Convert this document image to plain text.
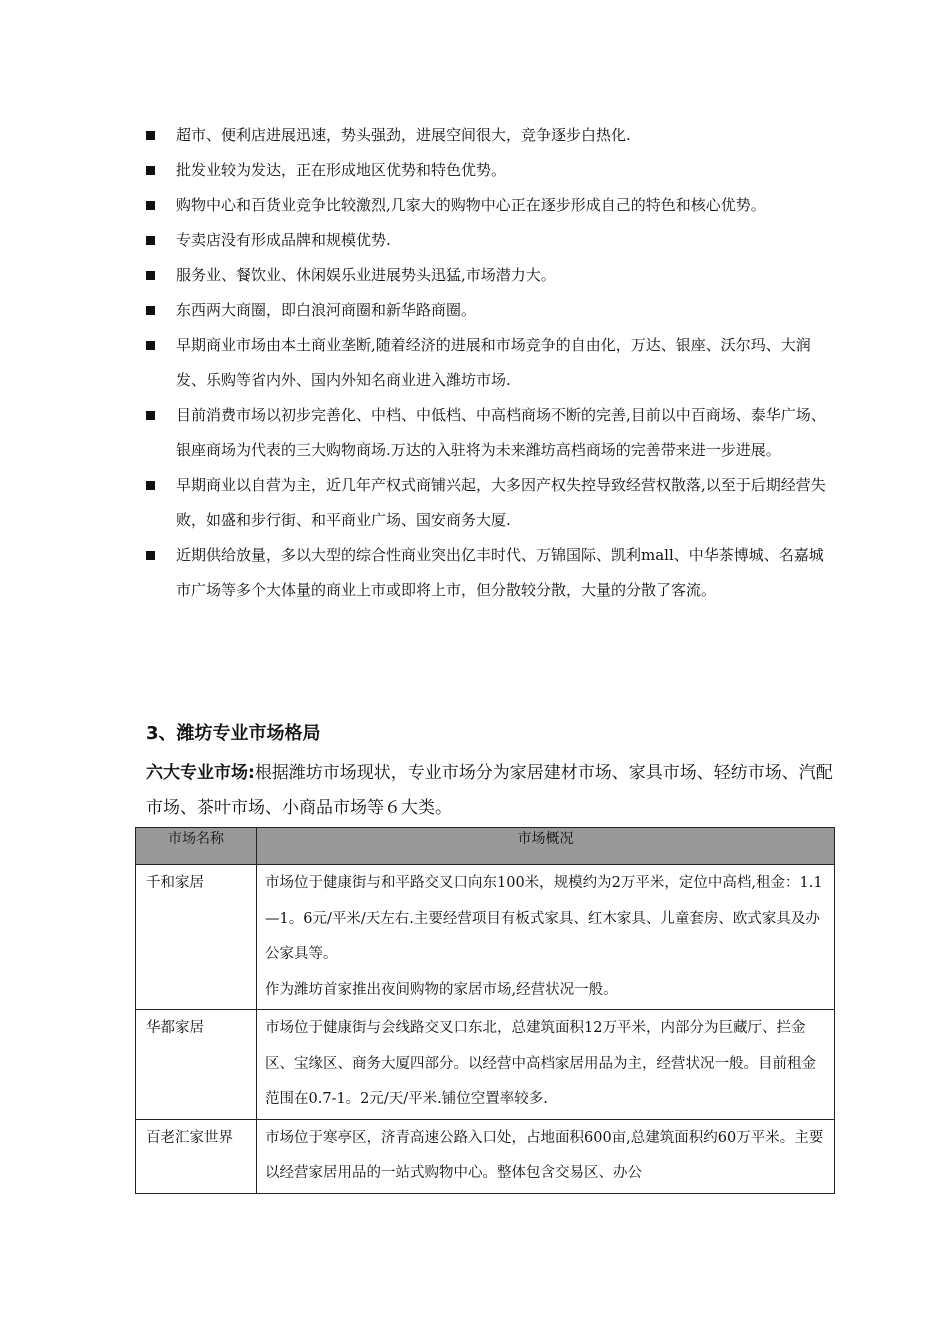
超市、便利店进展迅速，势头强劲，进展空间很大，竞争逐步白热化.
批发业较为发达，正在形成地区优势和特色优势。
购物中心和百货业竞争比较激烈,几家大的购物中心正在逐步形成自己的特色和核心优势。
专卖店没有形成品牌和规模优势.
服务业、餐饮业、休闲娱乐业进展势头迅猛,市场潜力大。
东西两大商圈，即白浪河商圈和新华路商圈。
早期商业市场由本土商业垄断,随着经济的进展和市场竞争的自由化，万达、银座、沃尔玛、大润发、乐购等省内外、国内外知名商业进入潍坊市场.
目前消费市场以初步完善化、中档、中低档、中高档商场不断的完善,目前以中百商场、泰华广场、银座商场为代表的三大购物商场.万达的入驻将为未来潍坊高档商场的完善带来进一步进展。
早期商业以自营为主，近几年产权式商铺兴起，大多因产权失控导致经营权散落,以至于后期经营失败，如盛和步行街、和平商业广场、国安商务大厦.
近期供给放量，多以大型的综合性商业突出亿丰时代、万锦国际、凯利mall、中华茶博城、名嘉城市广场等多个大体量的商业上市或即将上市，但分散较分散，大量的分散了客流。
3、潍坊专业市场格局

六大专业市场:根据潍坊市场现状，专业市场分为家居建材市场、家具市场、轻纺市场、汽配市场、茶叶市场、小商品市场等６大类。

市场名称	市场概况
千和家居	市场位于健康街与和平路交叉口向东100米，规模约为2万平米，定位中高档,租金：1.1—1。6元/平米/天左右.主要经营项目有板式家具、红木家具、儿童套房、欧式家具及办公家具等。
作为潍坊首家推出夜间购物的家居市场,经营状况一般。

华都家居	市场位于健康街与会线路交叉口东北，总建筑面积12万平米，内部分为巨藏厅、拦金区、宝缘区、商务大厦四部分。以经营中高档家居用品为主，经营状况一般。目前租金范围在0.7-1。2元/天/平米.铺位空置率较多.

百老汇家世界	市场位于寒亭区，济青高速公路入口处，占地面积600亩,总建筑面积约60万平米。主要以经营家居用品的一站式购物中心。整体包含交易区、办公
